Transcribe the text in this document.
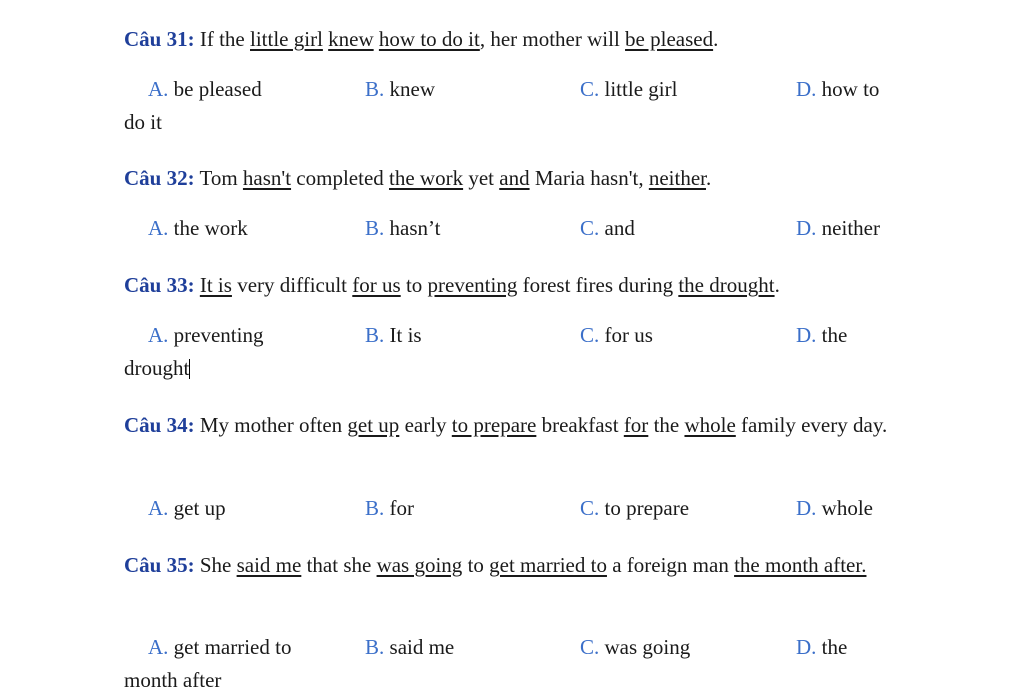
Câu 31: If the little girl knew how to do it, her mother will be pleased.
A. be pleased	B. knew	C. little girl	D. how to
do it
Câu 32: Tom hasn't completed the work yet and Maria hasn't, neither.
A. the work	B. hasn’t	C. and	D. neither
Câu 33: It is very difficult for us to preventing forest fires during the drought.
A. preventing	B. It is	C. for us	D. the
drought
Câu 34: My mother often get up early to prepare breakfast for the whole family every day.
A. get up	B. for	C. to prepare	D. whole
Câu 35: She said me that she was going to get married to a foreign man the month after.
A. get married to	B. said me	C. was going	D. the
month after
